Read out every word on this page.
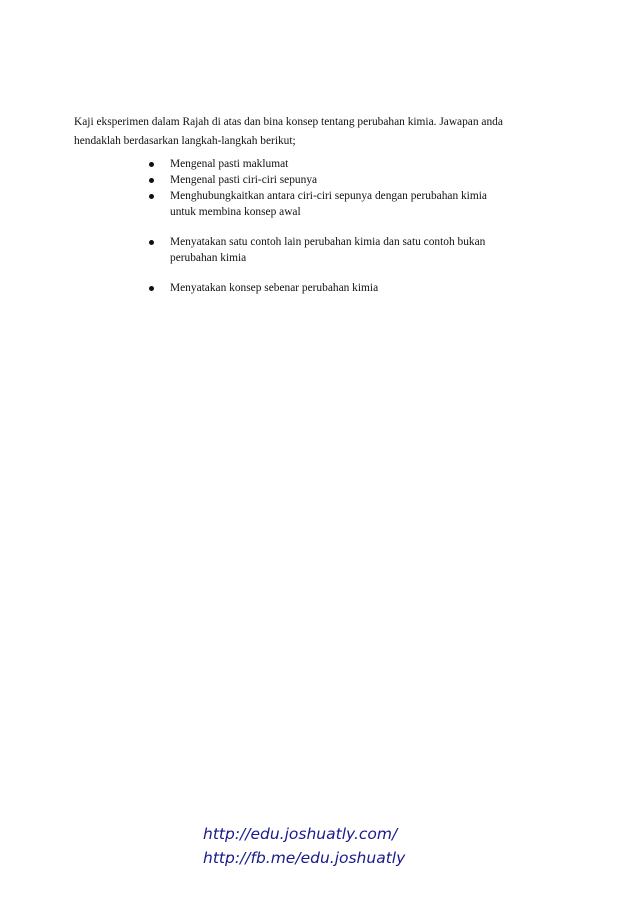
Kaji eksperimen dalam Rajah di atas dan bina konsep tentang perubahan kimia. Jawapan anda
hendaklah berdasarkan langkah-langkah berikut;

Mengenal pasti maklumat
Mengenal pasti ciri-ciri sepunya
Menghubungkaitkan antara ciri-ciri sepunya dengan perubahan kimia
untuk membina konsep awal
Menyatakan satu contoh lain perubahan kimia dan satu contoh bukan
perubahan kimia
Menyatakan konsep sebenar perubahan kimia
http://edu.joshuatly.com/
http://fb.me/edu.joshuatly
